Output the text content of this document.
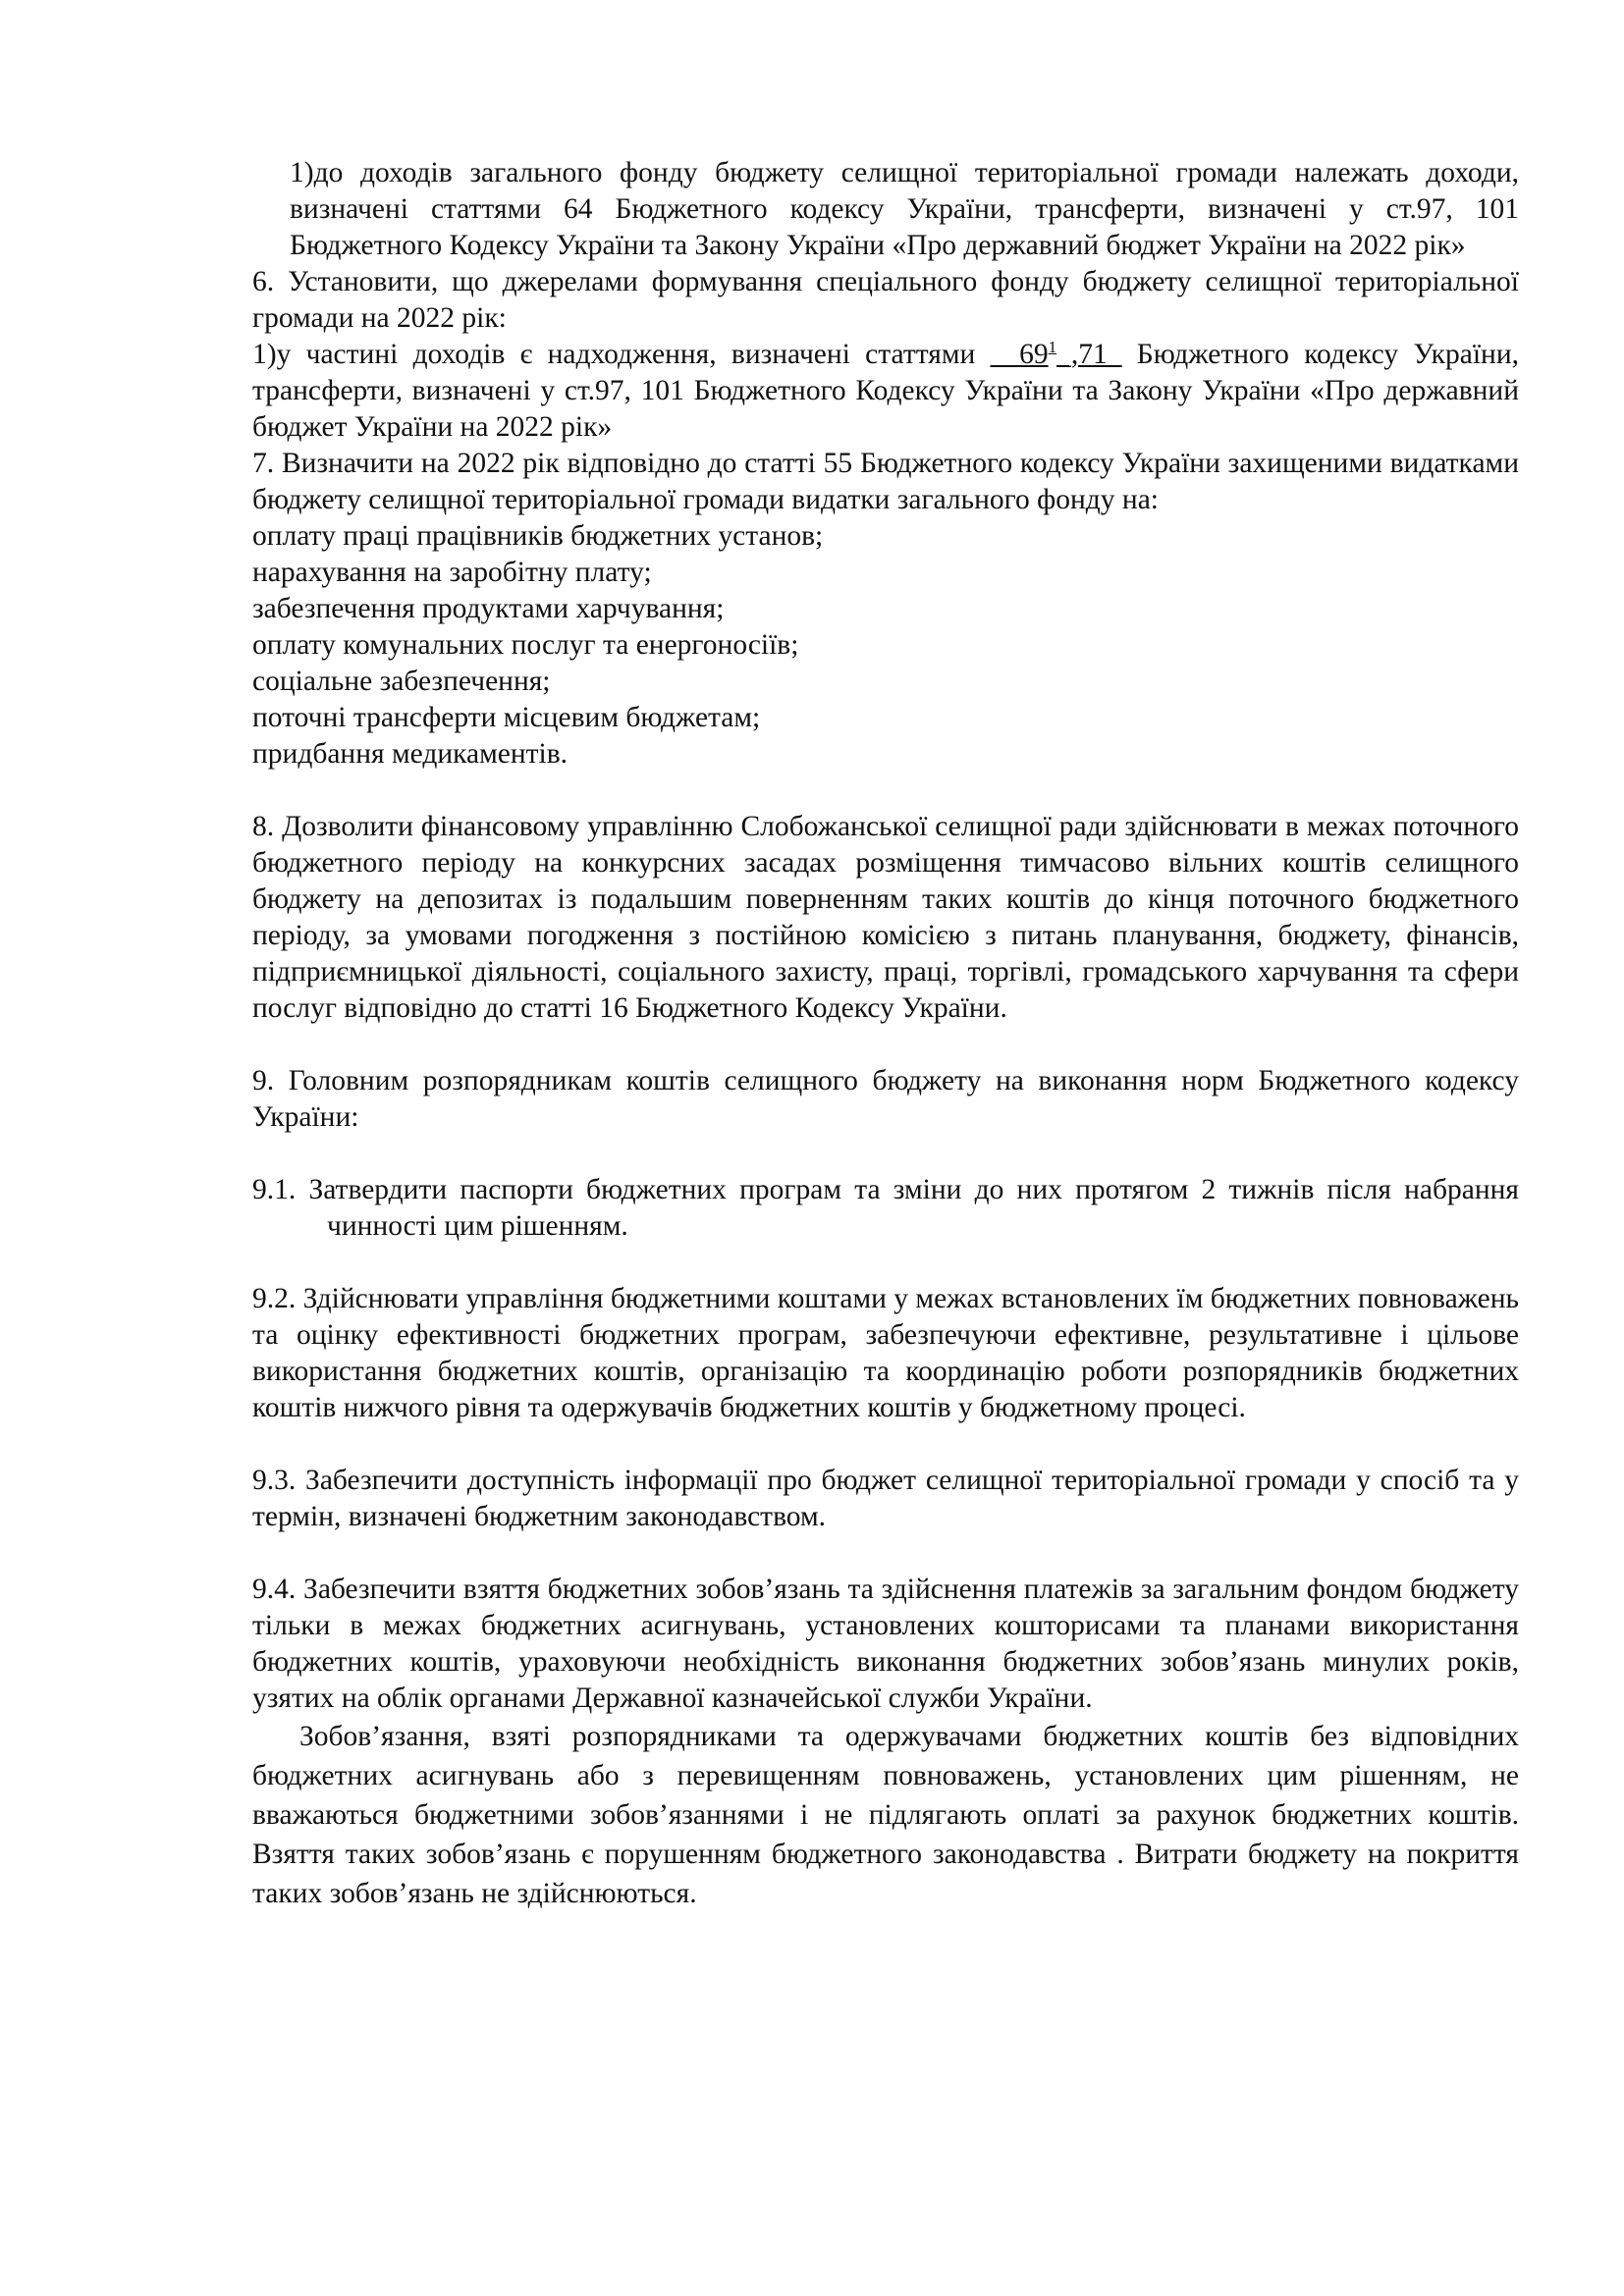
1)до доходів загального фонду бюджету селищної територіальної громади належать доходи, визначені статтями 64 Бюджетного кодексу України, трансферти, визначені у ст.97, 101 Бюджетного Кодексу України та Закону України «Про державний бюджет України на 2022 рік»

6. Установити, що джерелами формування спеціального фонду бюджету селищної територіальної громади на 2022 рік:

1)у частині доходів є надходження, визначені статтями $\_\_69^1\_,71\_$ Бюджетного кодексу України, трансферти, визначені у ст.97, 101 Бюджетного Кодексу України та Закону України «Про державний бюджет України на 2022 рік»

7. Визначити на 2022 рік відповідно до статті 55 Бюджетного кодексу України захищеними видатками бюджету селищної територіальної громади видатки загального фонду на:

оплату праці працівників бюджетних установ;

нарахування на заробітну плату;

забезпечення продуктами харчування;

оплату комунальних послуг та енергоносіїв;

соціальне забезпечення;

поточні трансферти місцевим бюджетам;

придбання медикаментів.

8. Дозволити фінансовому управлінню Слобожанської селищної ради здійснювати в межах поточного бюджетного періоду на конкурсних засадах розміщення тимчасово вільних коштів селищного бюджету на депозитах із подальшим поверненням таких коштів до кінця поточного бюджетного періоду, за умовами погодження з постійною комісією з питань планування, бюджету, фінансів, підприємницької діяльності, соціального захисту, праці, торгівлі, громадського харчування та сфери послуг відповідно до статті 16 Бюджетного Кодексу України.

9. Головним розпорядникам коштів селищного бюджету на виконання норм Бюджетного кодексу України:

9.1. Затвердити паспорти бюджетних програм та зміни до них протягом 2 тижнів після набрання чинності цим рішенням.

9.2. Здійснювати управління бюджетними коштами у межах встановлених їм бюджетних повноважень та оцінку ефективності бюджетних програм, забезпечуючи ефективне, результативне і цільове використання бюджетних коштів, організацію та координацію роботи розпорядників бюджетних коштів нижчого рівня та одержувачів бюджетних коштів у бюджетному процесі.

9.3. Забезпечити доступність інформації про бюджет селищної територіальної громади у спосіб та у термін, визначені бюджетним законодавством.

9.4. Забезпечити взяття бюджетних зобов’язань та здійснення платежів за загальним фондом бюджету тільки в межах бюджетних асигнувань, установлених кошторисами та планами використання бюджетних коштів, ураховуючи необхідність виконання бюджетних зобов’язань минулих років, узятих на облік органами Державної казначейської служби України.

Зобов’язання, взяті розпорядниками та одержувачами бюджетних коштів без відповідних бюджетних асигнувань або з перевищенням повноважень, установлених цим рішенням, не вважаються бюджетними зобов’язаннями і не підлягають оплаті за рахунок бюджетних коштів. Взяття таких зобов’язань є порушенням бюджетного законодавства . Витрати бюджету на покриття таких зобов’язань не здійснюються.
